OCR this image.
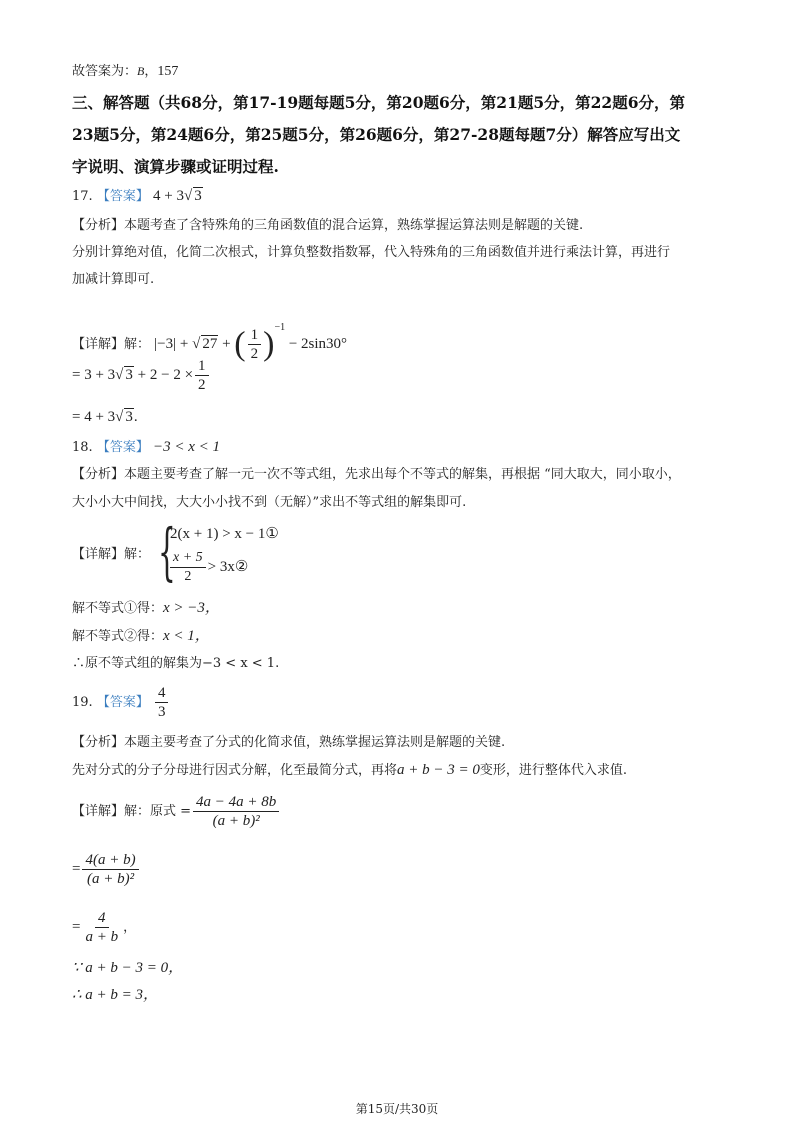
故答案为：B，157
三、解答题（共68分，第17-19题每题5分，第20题6分，第21题5分，第22题6分，第
23题5分，第24题6分，第25题5分，第26题6分，第27-28题每题7分）解答应写出文
字说明、演算步骤或证明过程.
17. 【答案】 4 + 3√ 3
【分析】本题考查了含特殊角的三角函数值的混合运算，熟练掌握运算法则是解题的关键.
分别计算绝对值，化简二次根式，计算负整数指数幂，代入特殊角的三角函数值并进行乘法计算，再进行
加减计算即可.
【详解】解： |−3| + √ 27 + ( $\frac{1}{2} )^{-1} - 2\sin 30^\circ$
= 3 + 3√ $3 + 2 - 2 \times \frac{1}{2}$
= 4 + 3√ 3.
18. 【答案】 −3 < x < 1
【分析】本题主要考查了解一元一次不等式组，先求出每个不等式的解集，再根据 “同大取大，同小取小，
大小小大中间找，大大小小找不到（无解）”求出不等式组的解集即可.
【详解】解： {
2(x + 1) > x − 1①
$\frac{x + 5}{2}$ > 3x②
解不等式①得：x > −3，
解不等式②得：x < 1，
∴原不等式组的解集为−3 < x < 1.
19. 【答案】 $\frac{4}{3}$
【分析】本题主要考查了分式的化简求值，熟练掌握运算法则是解题的关键.
先对分式的分子分母进行因式分解，化至最简分式，再将a + b − 3 = 0变形，进行整体代入求值.
【详解】解：原式 = $\frac{4a - 4a + 8b}{\text{(a + b)²}}$
= $\frac{4(a + b)}{\text{(a + b)²}}$
= $\frac{4}{a + b}$ ，
∵ a + b − 3 = 0，
∴ a + b = 3，
第15页/共30页
